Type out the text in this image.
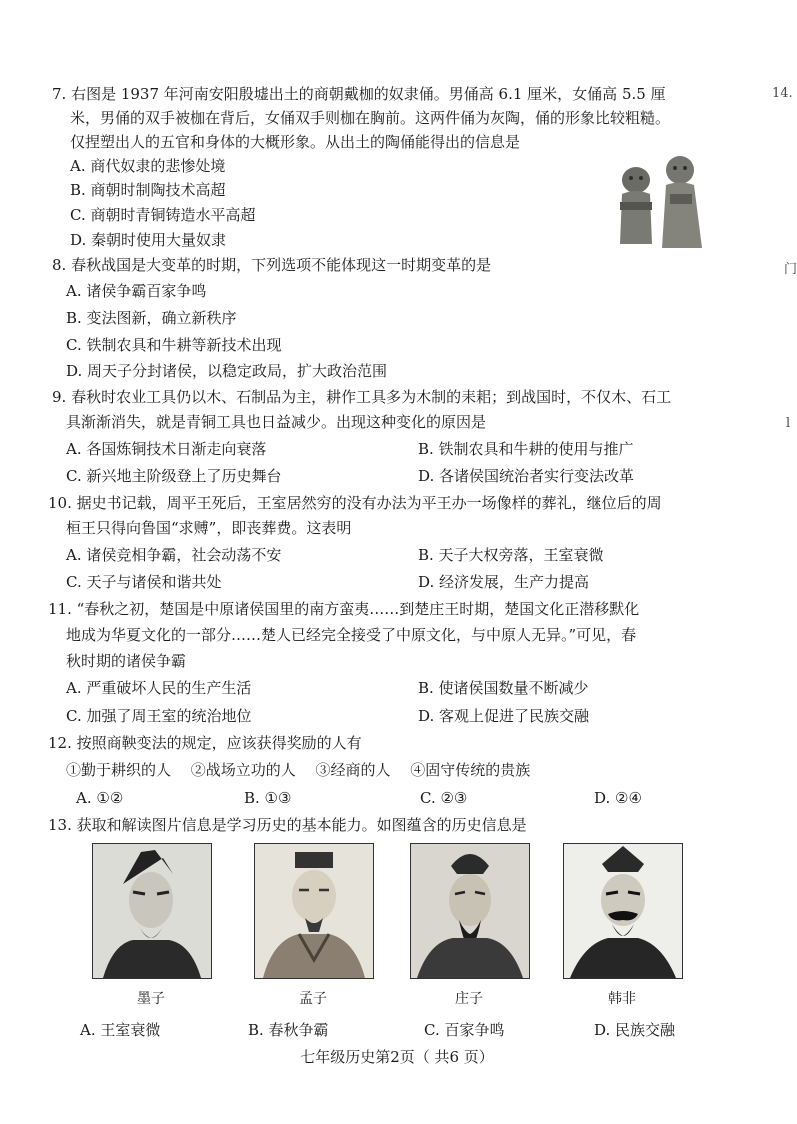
14.
门
l
7. 右图是 1937 年河南安阳殷墟出土的商朝戴枷的奴隶俑。男俑高 6.1 厘米，女俑高 5.5 厘
米，男俑的双手被枷在背后，女俑双手则枷在胸前。这两件俑为灰陶，俑的形象比较粗糙。
仅捏塑出人的五官和身体的大概形象。从出土的陶俑能得出的信息是
A. 商代奴隶的悲惨处境
B. 商朝时制陶技术高超
C. 商朝时青铜铸造水平高超
D. 秦朝时使用大量奴隶
8. 春秋战国是大变革的时期，下列选项不能体现这一时期变革的是
A. 诸侯争霸百家争鸣
B. 变法图新，确立新秩序
C. 铁制农具和牛耕等新技术出现
D. 周天子分封诸侯，以稳定政局，扩大政治范围
9. 春秋时农业工具仍以木、石制品为主，耕作工具多为木制的耒耜；到战国时，不仅木、石工
具渐渐消失，就是青铜工具也日益减少。出现这种变化的原因是
A. 各国炼铜技术日渐走向衰落	B. 铁制农具和牛耕的使用与推广
C. 新兴地主阶级登上了历史舞台	D. 各诸侯国统治者实行变法改革
10. 据史书记载，周平王死后，王室居然穷的没有办法为平王办一场像样的葬礼，继位后的周
桓王只得向鲁国“求赙”，即丧葬费。这表明
A. 诸侯竞相争霸，社会动荡不安	B. 天子大权旁落，王室衰微
C. 天子与诸侯和谐共处	D. 经济发展，生产力提高
11. “春秋之初，楚国是中原诸侯国里的南方蛮夷……到楚庄王时期，楚国文化正潜移默化
地成为华夏文化的一部分……楚人已经完全接受了中原文化，与中原人无异。”可见，春
秋时期的诸侯争霸
A. 严重破坏人民的生产生活	B. 使诸侯国数量不断减少
C. 加强了周王室的统治地位	D. 客观上促进了民族交融
12. 按照商鞅变法的规定，应该获得奖励的人有
①勤于耕织的人　 ②战场立功的人　 ③经商的人　 ④固守传统的贵族
A. ①②	B. ①③	C. ②③	D. ②④
13. 获取和解读图片信息是学习历史的基本能力。如图蕴含的历史信息是
墨子	孟子	庄子	韩非
A. 王室衰微	B. 春秋争霸	C. 百家争鸣	D. 民族交融
七年级历史第2页（ 共6 页）
